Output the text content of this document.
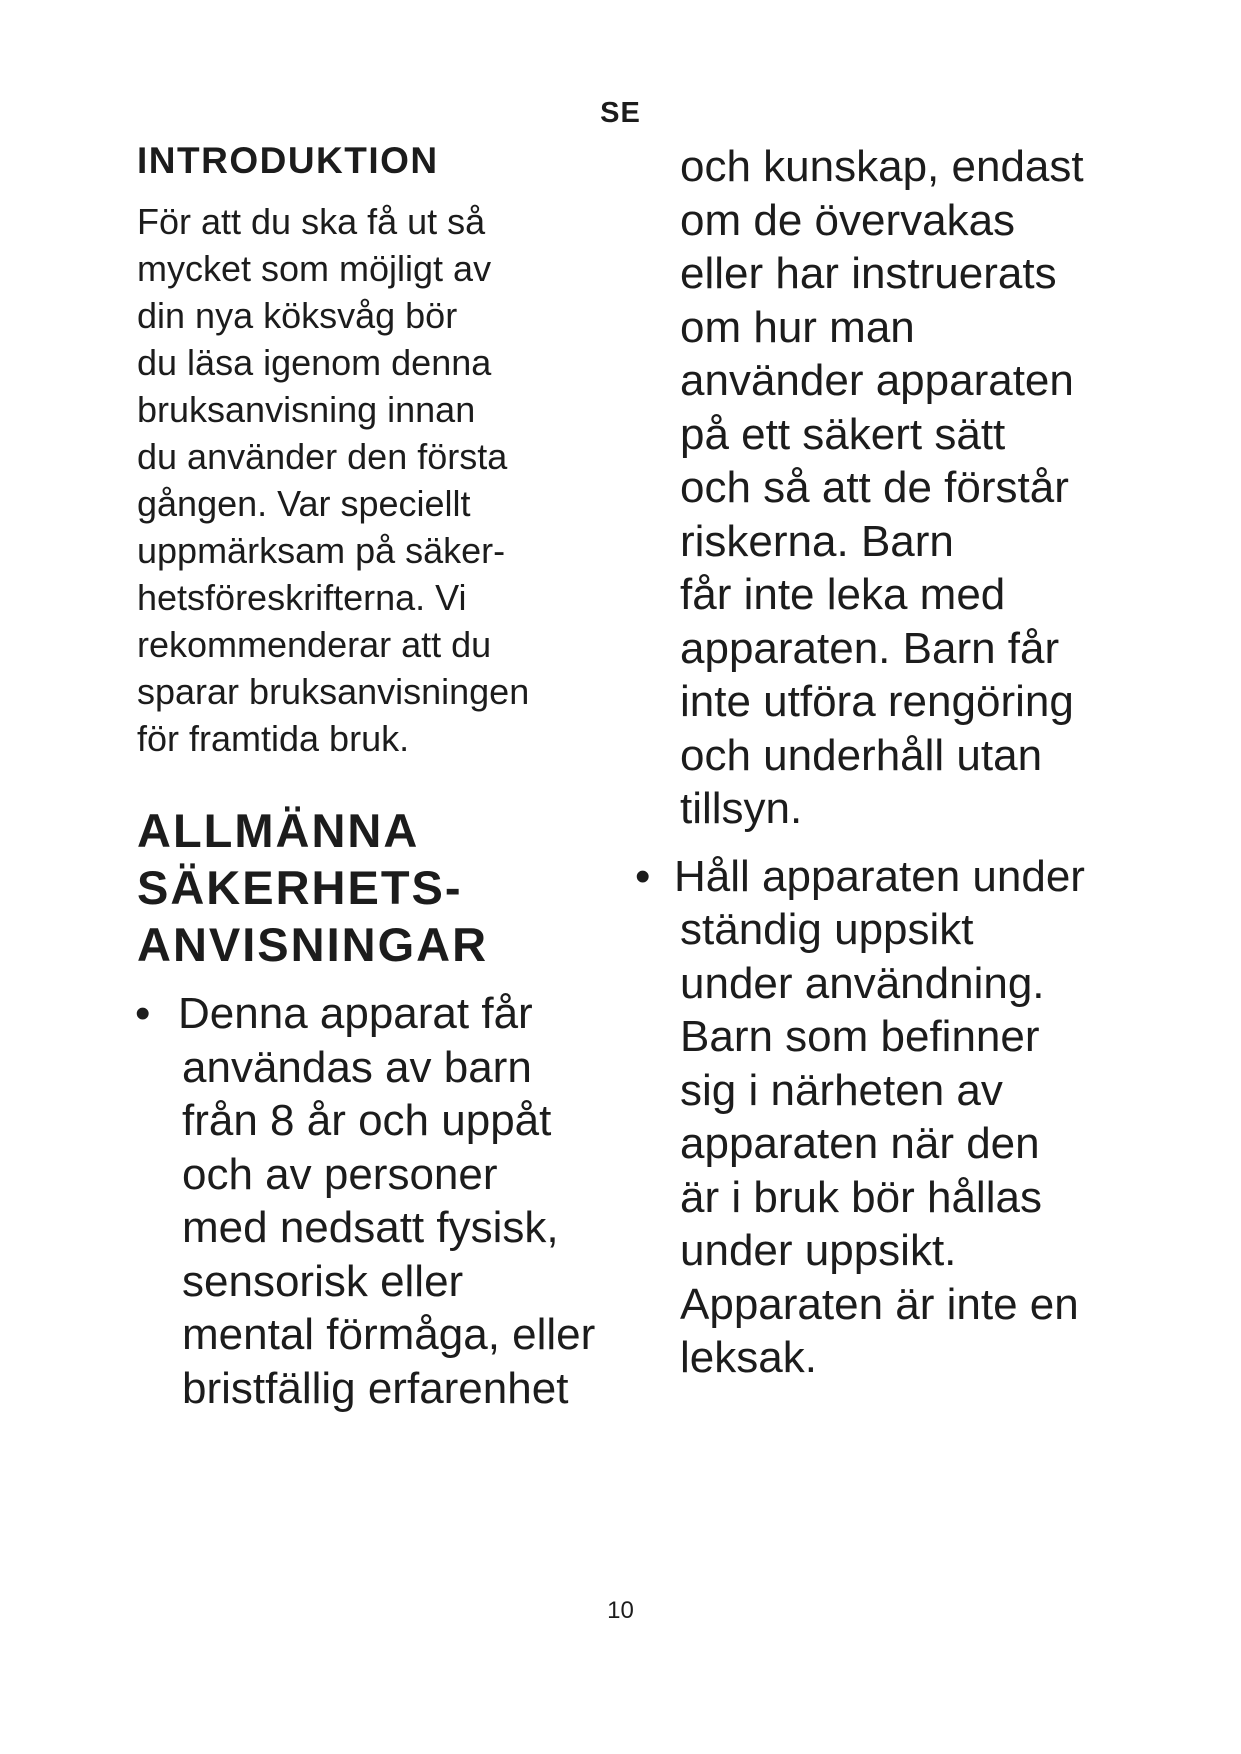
SE
INTRODUKTION

För att du ska få ut så
mycket som möjligt av
din nya köksvåg bör
du läsa igenom denna
bruksanvisning innan
du använder den första
gången. Var speciellt
uppmärksam på säker-
hetsföreskrifterna. Vi
rekommenderar att du
sparar bruksanvisningen
för framtida bruk.

ALLMÄNNA
SÄKERHETS-
ANVISNINGAR
• Denna apparat får
användas av barn
från 8 år och uppåt
och av personer
med nedsatt fysisk,
sensorisk eller
mental förmåga, eller
bristfällig erfarenhet
och kunskap, endast
om de övervakas
eller har instruerats
om hur man
använder apparaten
på ett säkert sätt
och så att de förstår
riskerna. Barn
får inte leka med
apparaten. Barn får
inte utföra rengöring
och underhåll utan
tillsyn.
• Håll apparaten under
ständig uppsikt
under användning.
Barn som befinner
sig i närheten av
apparaten när den
är i bruk bör hållas
under uppsikt.
Apparaten är inte en
leksak.
10
